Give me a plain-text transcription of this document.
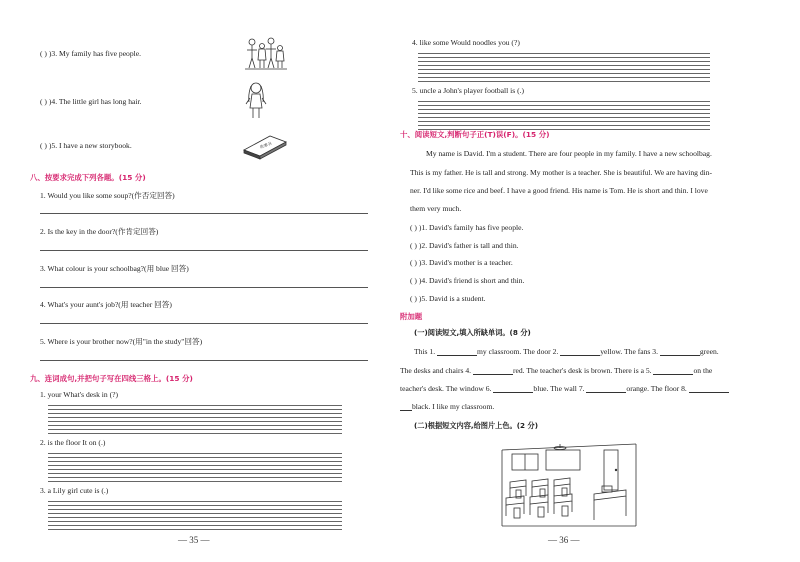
( ) )3. My family has five people.
( ) )4. The little girl has long hair.
( ) )5. I have a new storybook.	故事书
八、按要求完成下列各题。(15 分)
1. Would you like some soup?(作否定回答)
2. Is the key in the door?(作肯定回答)
3. What colour is your schoolbag?(用 blue 回答)
4. What's your aunt's job?(用 teacher 回答)
5. Where is your brother now?(用"in the study"回答)
九、连词成句,并把句子写在四线三格上。(15 分)
1. your What's desk in (?)
2. is the floor It on (.)
3. a Lily girl cute is (.)
— 35 —
4. like some Would noodles you (?)
5. uncle a John's player football is (.)
十、阅读短文,判断句子正(T)误(F)。(15 分)
My name is David. I'm a student. There are four people in my family. I have a new schoolbag.
This is my father. He is tall and strong. My mother is a teacher. She is beautiful. We are having din-
ner. I'd like some rice and beef. I have a good friend. His name is Tom. He is short and thin. I love
them very much.
( ) )1. David's family has five people.
( ) )2. David's father is tall and thin.
( ) )3. David's mother is a teacher.
( ) )4. David's friend is short and thin.
( ) )5. David is a student.
附加题
(一)阅读短文,填入所缺单词。(8 分)
This 1.	my classroom. The door 2.	yellow. The fans 3.	green.
The desks and chairs 4.	red. The teacher's desk is brown. There is a 5.	on the
teacher's desk. The window 6.	blue. The wall 7.	orange. The floor 8.
black. I like my classroom.
(二)根据短文内容,给图片上色。(2 分)
— 36 —
